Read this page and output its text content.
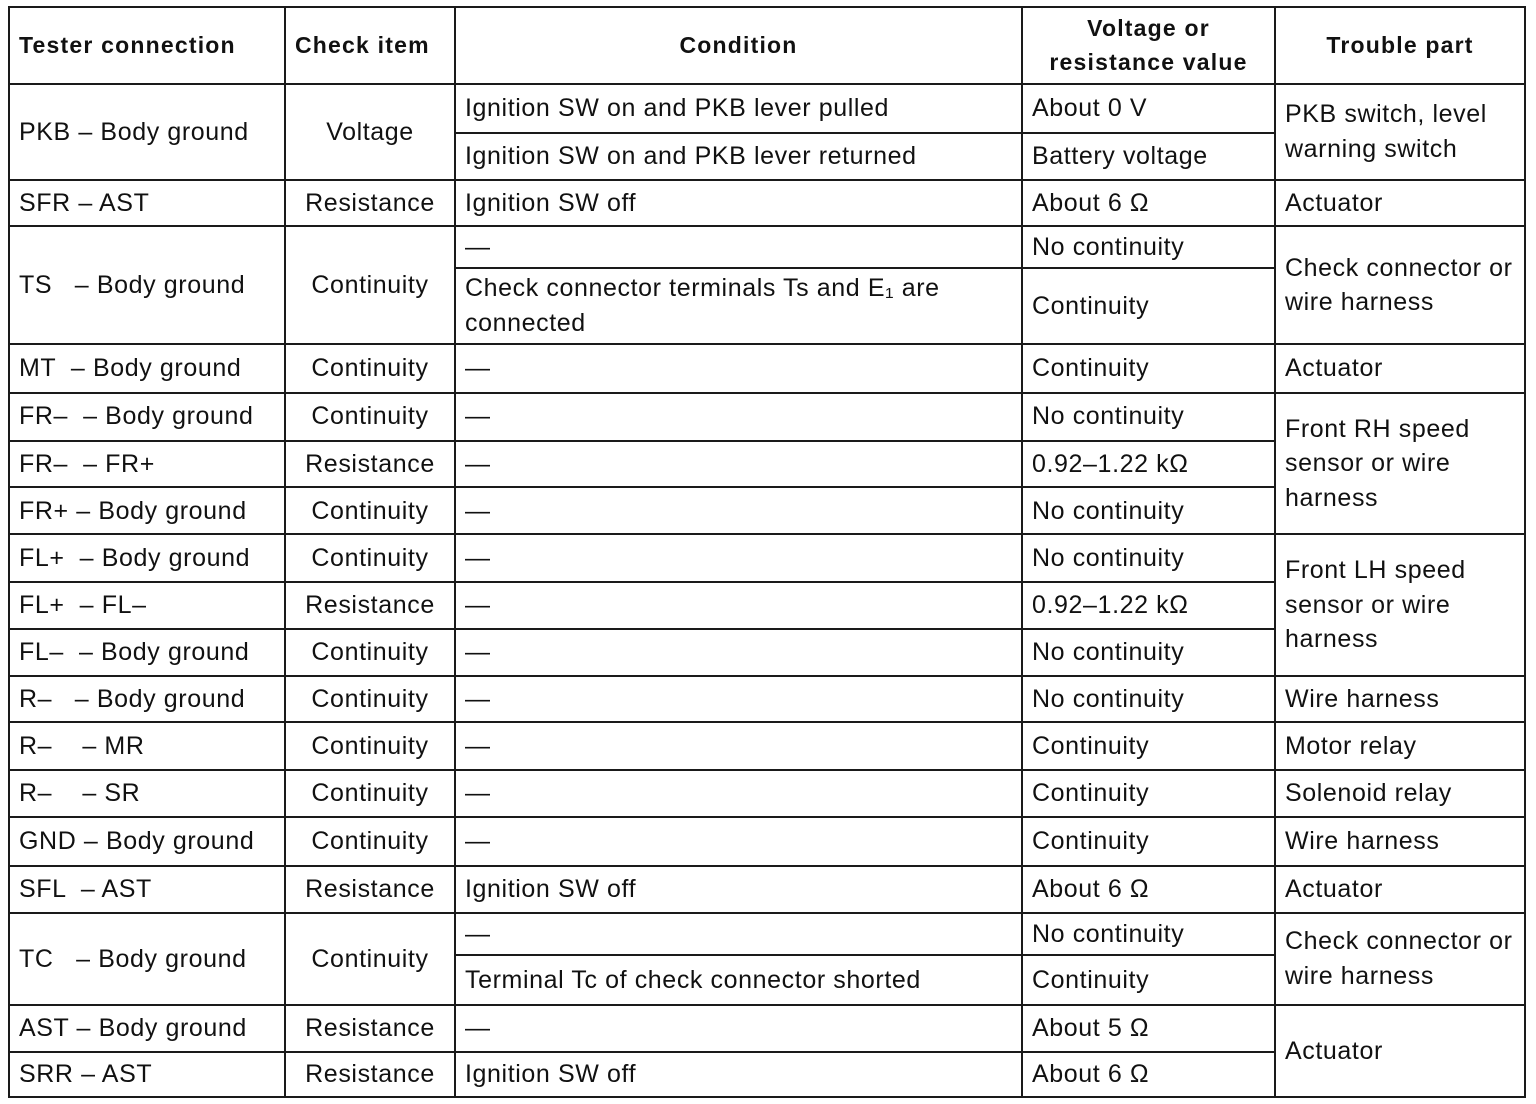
Tester connection	Check item	Condition	Voltage or
resistance value	Trouble part
PKB – Body ground	Voltage	Ignition SW on and PKB lever pulled	About 0 V	PKB switch, level warning switch
		Ignition SW on and PKB lever returned	Battery voltage	
SFR – AST	Resistance	Ignition SW off	About 6 Ω	Actuator
TS   – Body ground	Continuity	—	No continuity	Check connector or wire harness
		Check connector terminals Ts and E₁ are connected	Continuity	
MT  – Body ground	Continuity	—	Continuity	Actuator
FR–  – Body ground	Continuity	—	No continuity	Front RH speed sensor or wire harness
FR–  – FR+	Resistance	—	0.92–1.22 kΩ	
FR+ – Body ground	Continuity	—	No continuity	
FL+  – Body ground	Continuity	—	No continuity	Front LH speed sensor or wire harness
FL+  – FL–	Resistance	—	0.92–1.22 kΩ	
FL–  – Body ground	Continuity	—	No continuity	
R–   – Body ground	Continuity	—	No continuity	Wire harness
R–    – MR	Continuity	—	Continuity	Motor relay
R–    – SR	Continuity	—	Continuity	Solenoid relay
GND – Body ground	Continuity	—	Continuity	Wire harness
SFL  – AST	Resistance	Ignition SW off	About 6 Ω	Actuator
TC   – Body ground	Continuity	—	No continuity	Check connector or wire harness
		Terminal Tc of check connector shorted	Continuity	
AST – Body ground	Resistance	—	About 5 Ω	Actuator
SRR – AST	Resistance	Ignition SW off	About 6 Ω	
